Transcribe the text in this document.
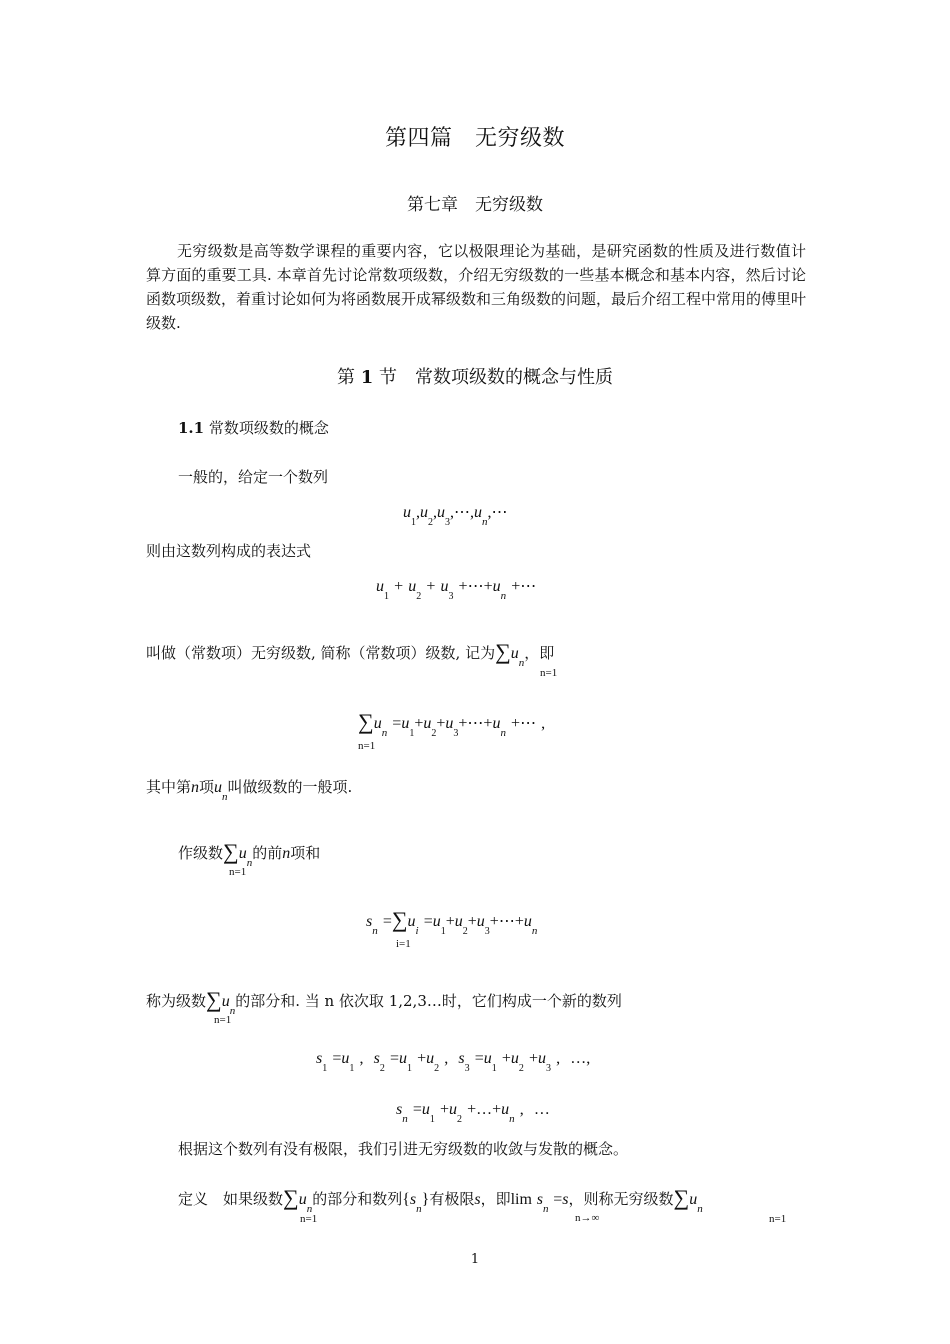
第四篇　无穷级数
第七章　无穷级数
无穷级数是高等数学课程的重要内容，它以极限理论为基础，是研究函数的性质及进行数值计算方面的重要工具. 本章首先讨论常数项级数，介绍无穷级数的一些基本概念和基本内容，然后讨论函数项级数，着重讨论如何为将函数展开成幂级数和三角级数的问题，最后介绍工程中常用的傅里叶级数.
第 1 节　常数项级数的概念与性质
1.1 常数项级数的概念
一般的，给定一个数列
$u_1,u_2,u_3,\cdots,u_n,\cdots$
则由这数列构成的表达式
$u_1 + u_2 + u_3$ $+\cdots+u_n$ +⋯
叫做（常数项）无穷级数, 简称（常数项）级数, 记为$\sum u_n$，即
n=1
$\sum u_n$ $=u_1+u_2+u_3+\cdots+u_n$ +⋯ ,
n=1
其中第n项$u_n$叫做级数的一般项.
作级数$\sum u_n$的前n项和
n=1
$s_n =\sum u_i$ $=u_1+u_2+u_3+\cdots+u_n$
i=1
称为级数$\sum u_n$的部分和. 当 n 依次取 1,2,3…时，它们构成一个新的数列
n=1
$s_1 =u_1$ , $s_2 =u_1 +u_2$ , $s_3 =u_1 +u_2 +u_3$ , …,
$s_n =u_1 +u_2$ $+\dots+u_n$ , …
根据这个数列有没有极限，我们引进无穷级数的收敛与发散的概念。
定义　如果级数$\sum u_n$的部分和数列$\{s_n\}$有极限s，即$\lim s_n =s$，则称无穷级数$\sum u_n$
n=1	n→∞	n=1
1
